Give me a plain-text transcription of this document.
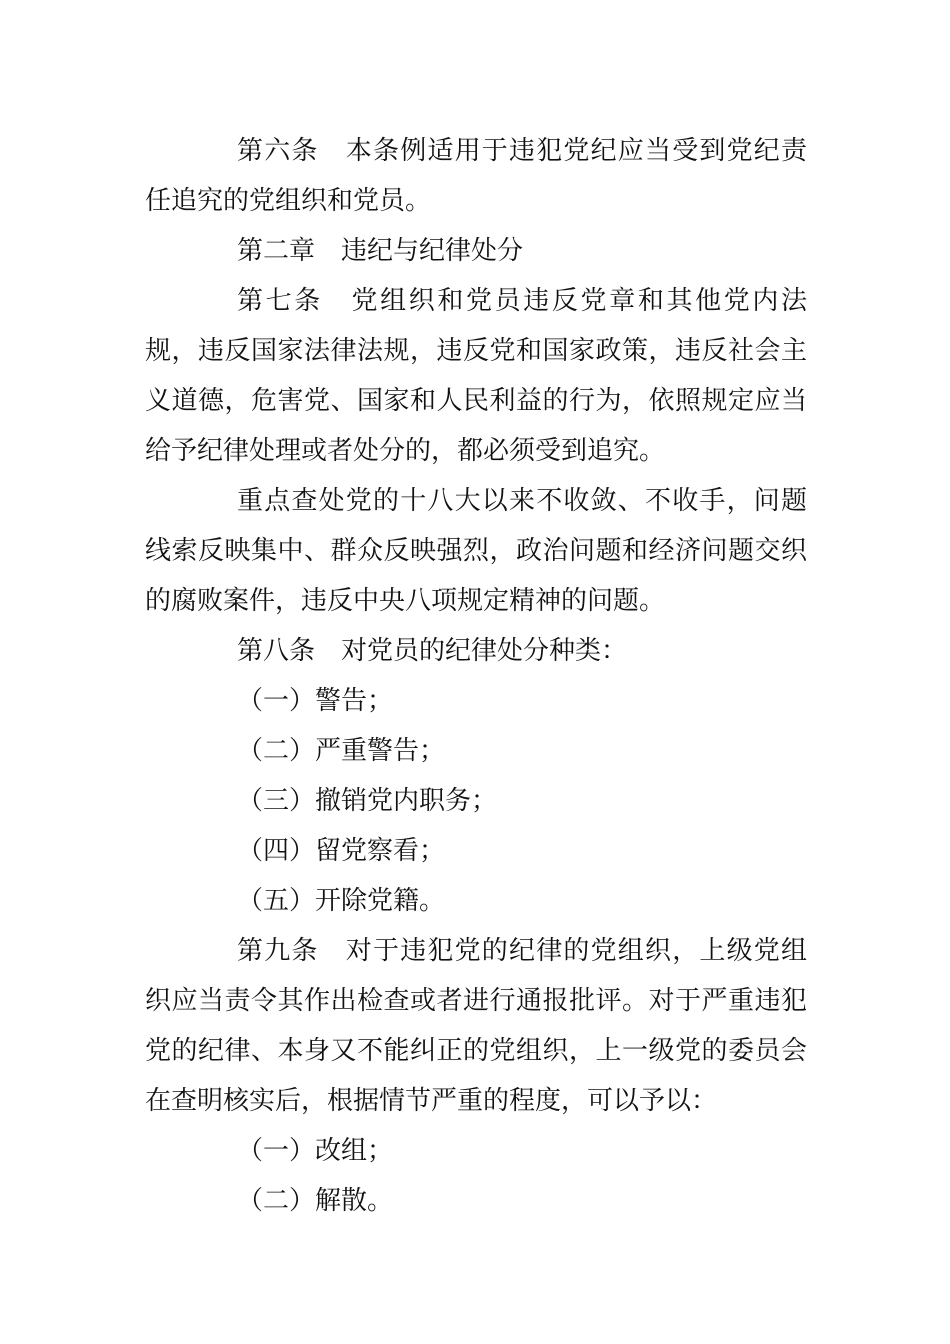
第六条 本条例适用于违犯党纪应当受到党纪责任追究的党组织和党员。

第二章 违纪与纪律处分

第七条 党组织和党员违反党章和其他党内法规，违反国家法律法规，违反党和国家政策，违反社会主义道德，危害党、国家和人民利益的行为，依照规定应当给予纪律处理或者处分的，都必须受到追究。

重点查处党的十八大以来不收敛、不收手，问题线索反映集中、群众反映强烈，政治问题和经济问题交织的腐败案件，违反中央八项规定精神的问题。

第八条 对党员的纪律处分种类：

（一）警告；

（二）严重警告；

（三）撤销党内职务；

（四）留党察看；

（五）开除党籍。

第九条 对于违犯党的纪律的党组织，上级党组织应当责令其作出检查或者进行通报批评。对于严重违犯党的纪律、本身又不能纠正的党组织，上一级党的委员会在查明核实后，根据情节严重的程度，可以予以：

（一）改组；

（二）解散。
